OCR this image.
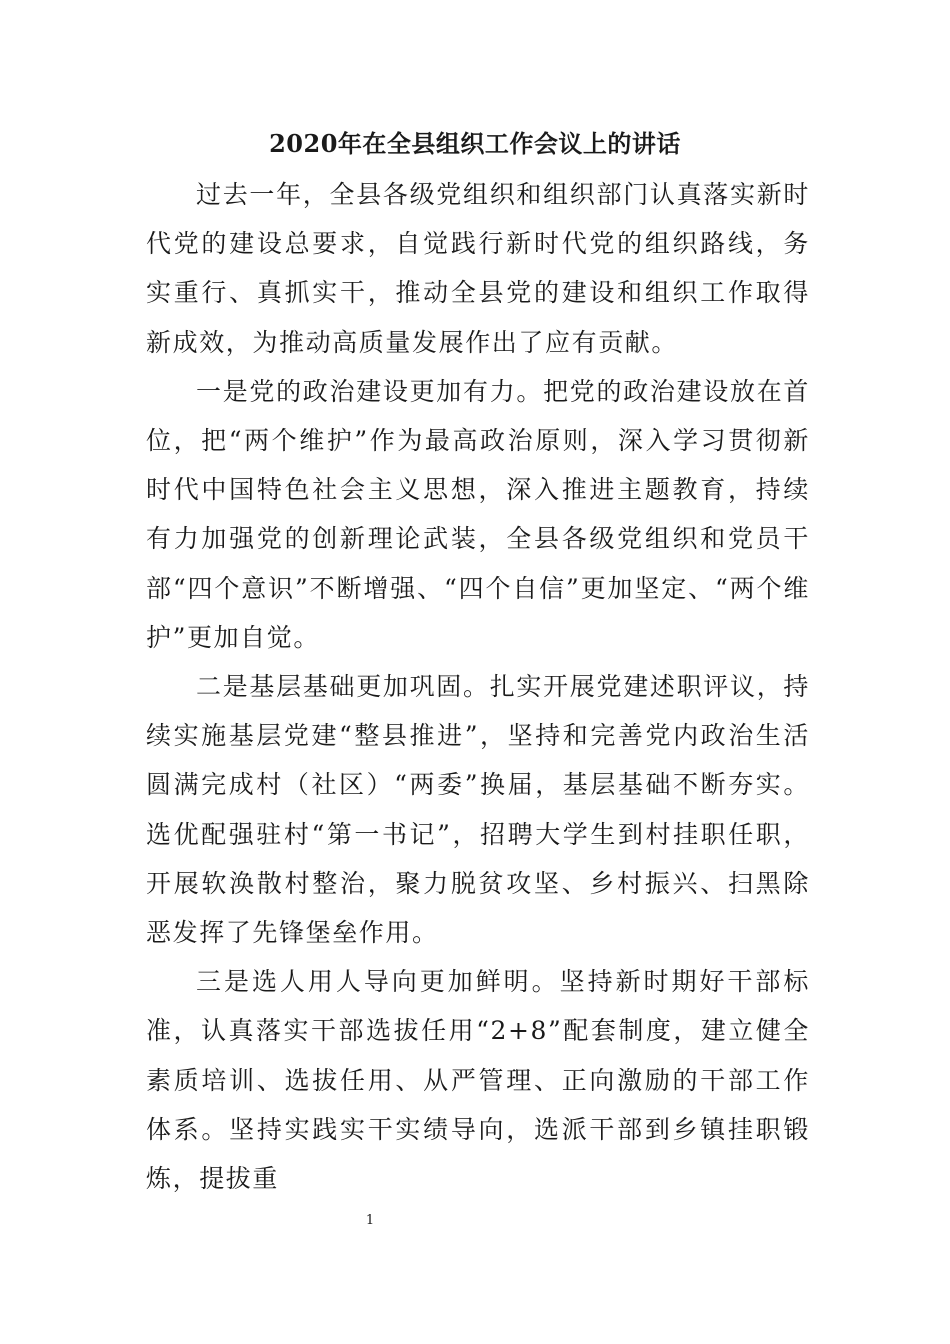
2020年在全县组织工作会议上的讲话

过去一年，全县各级党组织和组织部门认真落实新时代党的建设总要求，自觉践行新时代党的组织路线，务实重行、真抓实干，推动全县党的建设和组织工作取得新成效，为推动高质量发展作出了应有贡献。

一是党的政治建设更加有力。把党的政治建设放在首位，把“两个维护”作为最高政治原则，深入学习贯彻新时代中国特色社会主义思想，深入推进主题教育，持续有力加强党的创新理论武装，全县各级党组织和党员干部“四个意识”不断增强、“四个自信”更加坚定、“两个维护”更加自觉。

二是基层基础更加巩固。扎实开展党建述职评议，持续实施基层党建“整县推进”，坚持和完善党内政治生活圆满完成村（社区）“两委”换届，基层基础不断夯实。选优配强驻村“第一书记”，招聘大学生到村挂职任职，开展软涣散村整治，聚力脱贫攻坚、乡村振兴、扫黑除恶发挥了先锋堡垒作用。

三是选人用人导向更加鲜明。坚持新时期好干部标准，认真落实干部选拔任用“2+8”配套制度，建立健全素质培训、选拔任用、从严管理、正向激励的干部工作体系。坚持实践实干实绩导向，选派干部到乡镇挂职锻炼，提拔重

1
